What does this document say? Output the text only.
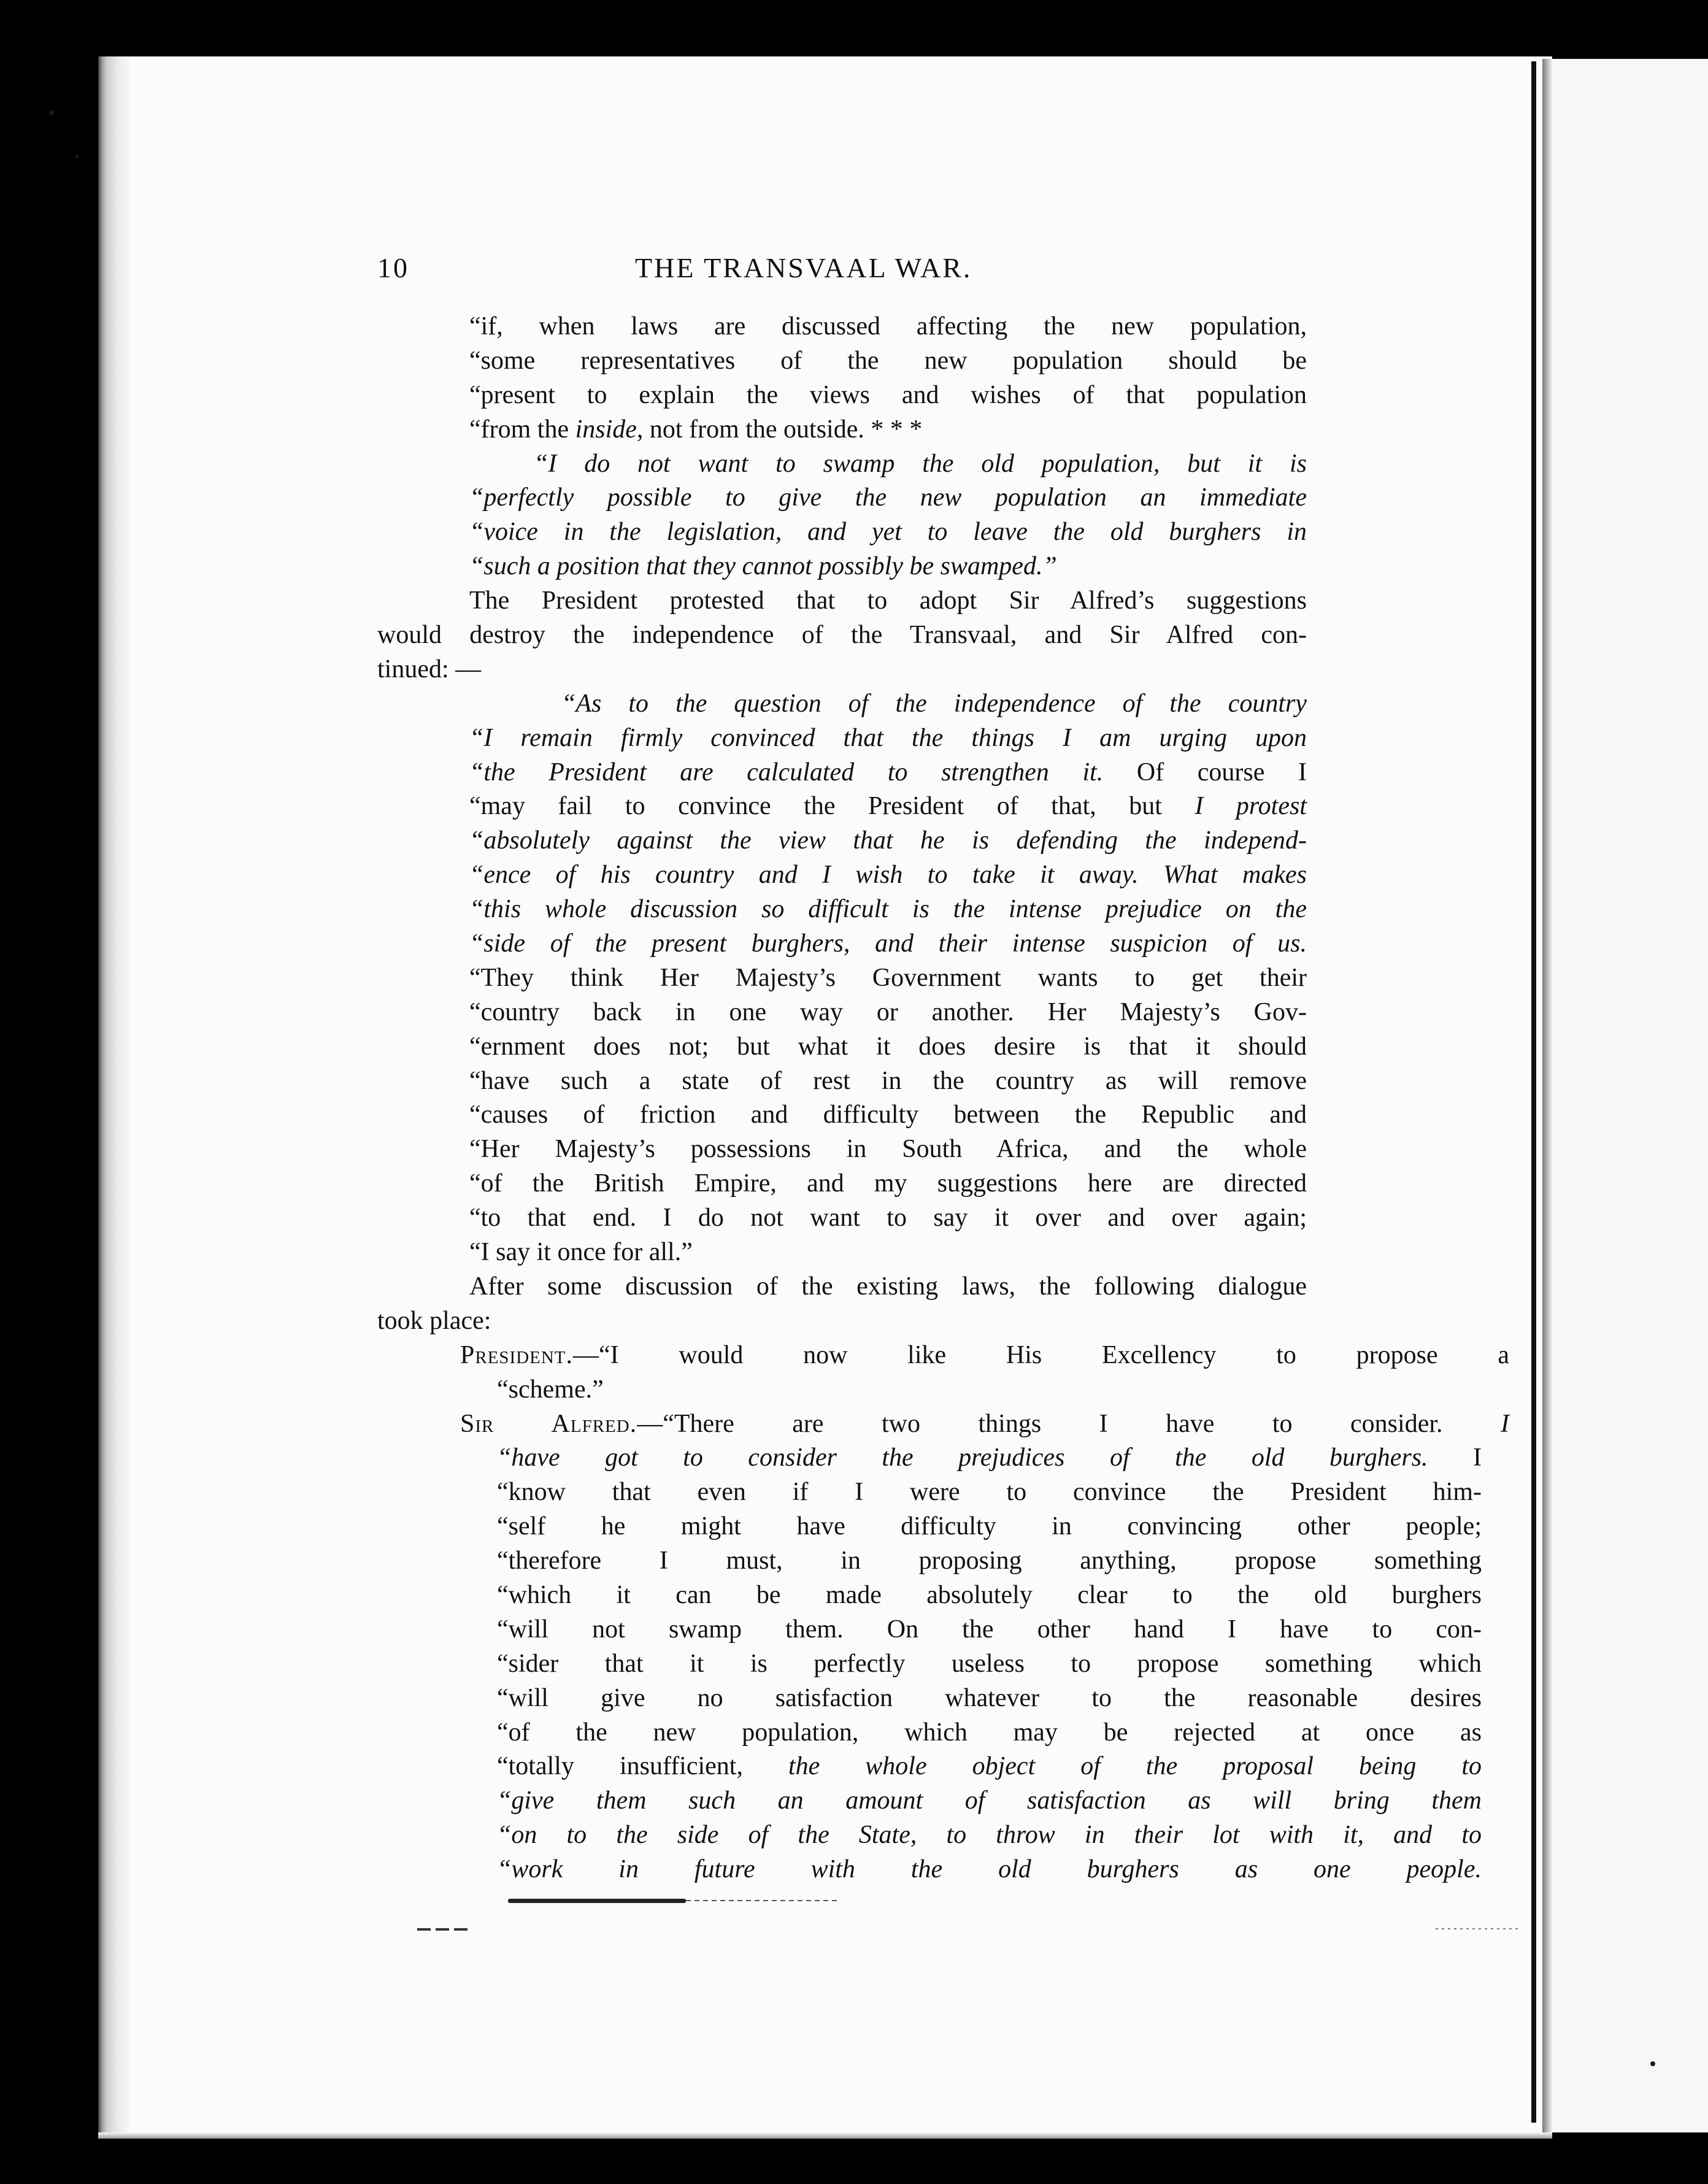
10	THE TRANSVAAL WAR.
“if, when laws are discussed affecting the new population,
“some representatives of the new population should be
“present to explain the views and wishes of that population
“from the inside, not from the outside. * * *
“I do not want to swamp the old population, but it is
“perfectly possible to give the new population an immediate
“voice in the legislation, and yet to leave the old burghers in
“such a position that they cannot possibly be swamped.”
The President protested that to adopt Sir Alfred’s suggestions
would destroy the independence of the Transvaal, and Sir Alfred con-
tinued: —
“As to the question of the independence of the country
“I remain firmly convinced that the things I am urging upon
“the President are calculated to strengthen it. Of course I
“may fail to convince the President of that, but I protest
“absolutely against the view that he is defending the independ-
“ence of his country and I wish to take it away. What makes
“this whole discussion so difficult is the intense prejudice on the
“side of the present burghers, and their intense suspicion of us.
“They think Her Majesty’s Government wants to get their
“country back in one way or another. Her Majesty’s Gov-
“ernment does not; but what it does desire is that it should
“have such a state of rest in the country as will remove
“causes of friction and difficulty between the Republic and
“Her Majesty’s possessions in South Africa, and the whole
“of the British Empire, and my suggestions here are directed
“to that end. I do not want to say it over and over again;
“I say it once for all.”
After some discussion of the existing laws, the following dialogue
took place:
President.—“I would now like His Excellency to propose a
“scheme.”
Sir Alfred.—“There are two things I have to consider. I
“have got to consider the prejudices of the old burghers. I
“know that even if I were to convince the President him-
“self he might have difficulty in convincing other people;
“therefore I must, in proposing anything, propose something
“which it can be made absolutely clear to the old burghers
“will not swamp them. On the other hand I have to con-
“sider that it is perfectly useless to propose something which
“will give no satisfaction whatever to the reasonable desires
“of the new population, which may be rejected at once as
“totally insufficient, the whole object of the proposal being to
“give them such an amount of satisfaction as will bring them
“on to the side of the State, to throw in their lot with it, and to
“work in future with the old burghers as one people.
